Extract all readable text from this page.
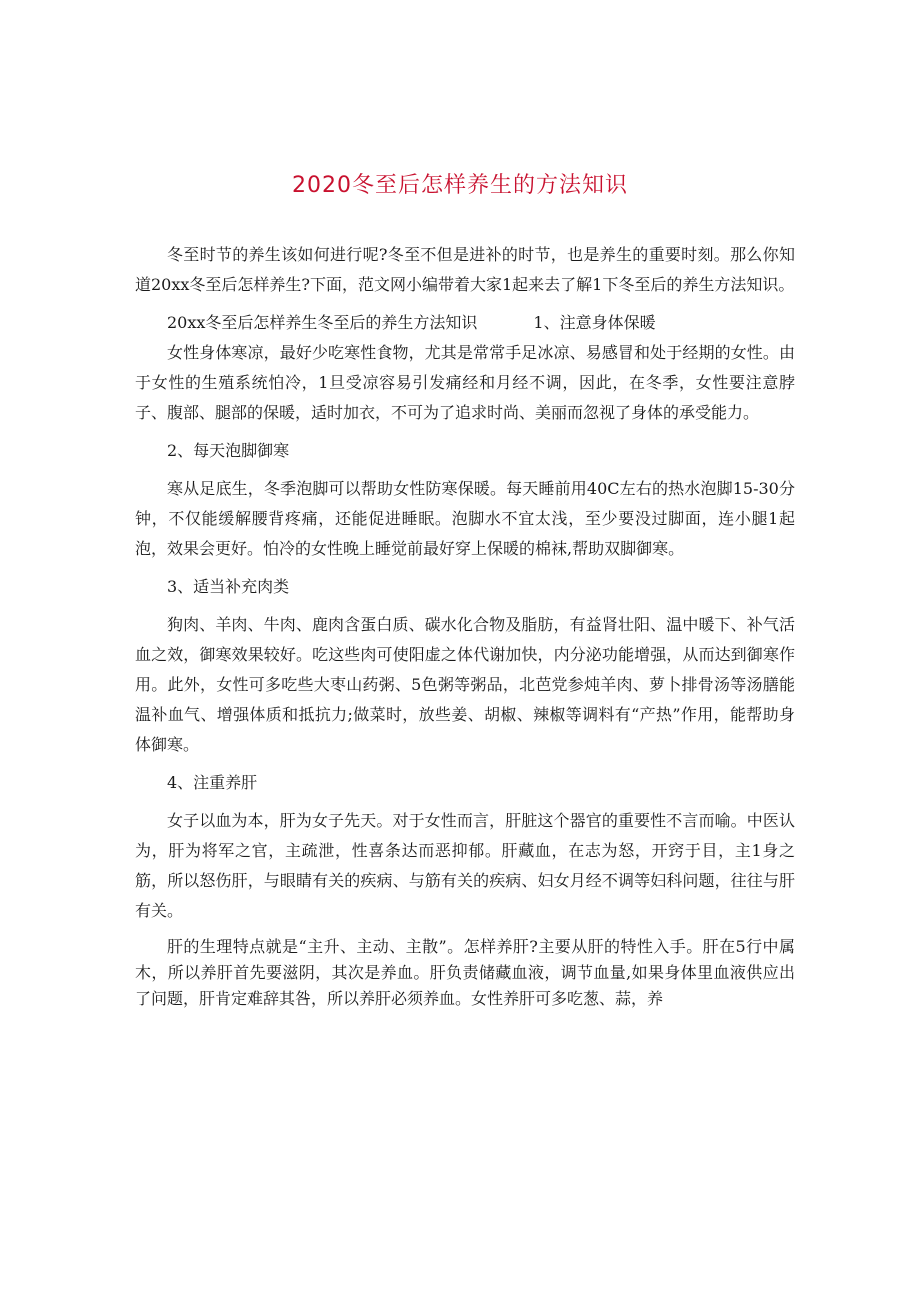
2020冬至后怎样养生的方法知识

冬至时节的养生该如何进行呢?冬至不但是进补的时节，也是养生的重要时刻。那么你知道20xx冬至后怎样养生?下面，范文网小编带着大家1起来去了解1下冬至后的养生方法知识。

20xx冬至后怎样养生冬至后的养生方法知识	1、注意身体保暖

女性身体寒凉，最好少吃寒性食物，尤其是常常手足冰凉、易感冒和处于经期的女性。由于女性的生殖系统怕冷，1旦受凉容易引发痛经和月经不调，因此，在冬季，女性要注意脖子、腹部、腿部的保暖，适时加衣，不可为了追求时尚、美丽而忽视了身体的承受能力。

2、每天泡脚御寒

寒从足底生，冬季泡脚可以帮助女性防寒保暖。每天睡前用40C左右的热水泡脚15-30分钟，不仅能缓解腰背疼痛，还能促进睡眠。泡脚水不宜太浅，至少要没过脚面，连小腿1起泡，效果会更好。怕冷的女性晚上睡觉前最好穿上保暖的棉袜,帮助双脚御寒。

3、适当补充肉类

狗肉、羊肉、牛肉、鹿肉含蛋白质、碳水化合物及脂肪，有益肾壮阳、温中暖下、补气活血之效，御寒效果较好。吃这些肉可使阳虚之体代谢加快，内分泌功能增强，从而达到御寒作用。此外，女性可多吃些大枣山药粥、5色粥等粥品，北芭党参炖羊肉、萝卜排骨汤等汤膳能温补血气、增强体质和抵抗力;做菜时，放些姜、胡椒、辣椒等调料有“产热”作用，能帮助身体御寒。

4、注重养肝

女子以血为本，肝为女子先天。对于女性而言，肝脏这个器官的重要性不言而喻。中医认为，肝为将军之官，主疏泄，性喜条达而恶抑郁。肝藏血，在志为怒，开窍于目，主1身之筋，所以怒伤肝，与眼睛有关的疾病、与筋有关的疾病、妇女月经不调等妇科问题，往往与肝有关。

肝的生理特点就是“主升、主动、主散”。怎样养肝?主要从肝的特性入手。肝在5行中属木，所以养肝首先要滋阴，其次是养血。肝负责储藏血液，调节血量,如果身体里血液供应出了问题，肝肯定难辞其咎，所以养肝必须养血。女性养肝可多吃葱、蒜，养
